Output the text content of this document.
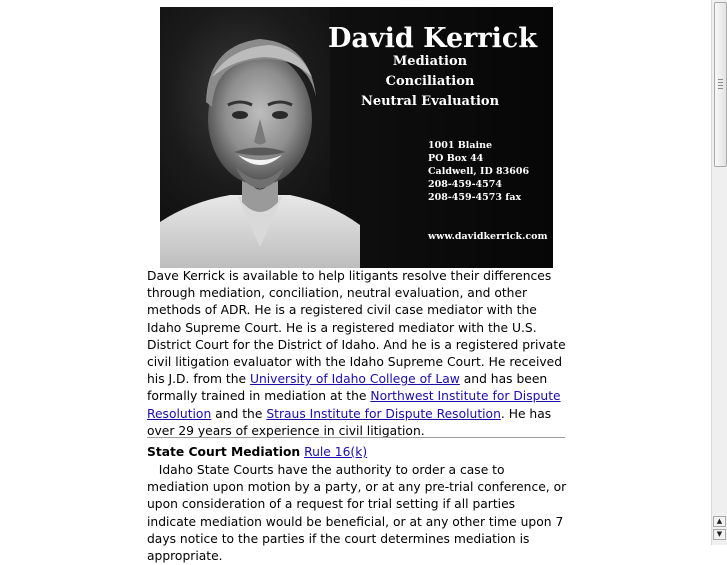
David Kerrick
Mediation
Conciliation
Neutral Evaluation
1001 Blaine
PO Box 44
Caldwell, ID 83606
208-459-4574
208-459-4573 fax
www.davidkerrick.com
Dave Kerrick is available to help litigants resolve their differences through mediation, conciliation, neutral evaluation, and other methods of ADR. He is a registered civil case mediator with the Idaho Supreme Court. He is a registered mediator with the U.S. District Court for the District of Idaho. And he is a registered private civil litigation evaluator with the Idaho Supreme Court. He received his J.D. from the University of Idaho College of Law and has been formally trained in mediation at the Northwest Institute for Dispute Resolution and the Straus Institute for Dispute Resolution. He has over 29 years of experience in civil litigation.
State Court Mediation Rule 16(k)
Idaho State Courts have the authority to order a case to mediation upon motion by a party, or at any pre-trial conference, or upon consideration of a request for trial setting if all parties indicate mediation would be beneficial, or at any other time upon 7 days notice to the parties if the court determines mediation is appropriate.
▲
▼
